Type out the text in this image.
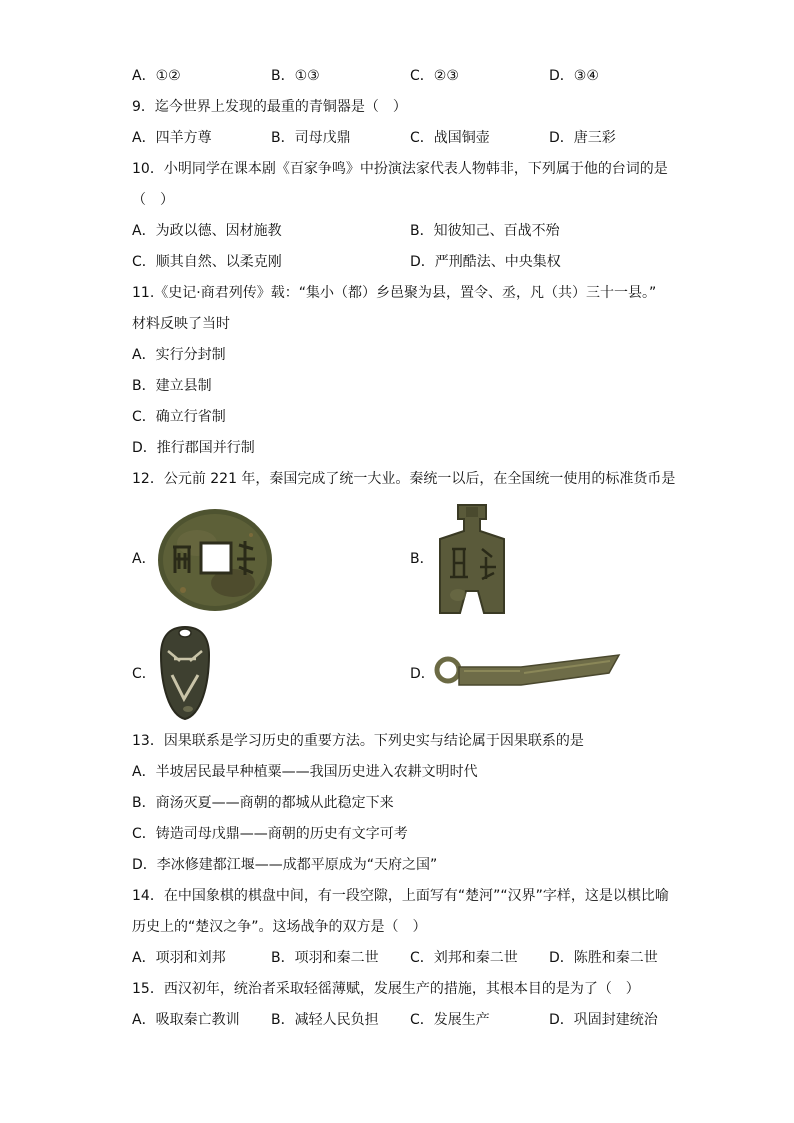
A．①②	B．①③	C．②③	D．③④
9．迄今世界上发现的最重的青铜器是（　）
A．四羊方尊	B．司母戊鼎	C．战国铜壶	D．唐三彩
10．小明同学在课本剧《百家争鸣》中扮演法家代表人物韩非，下列属于他的台词的是
（　）
A．为政以德、因材施教	B．知彼知己、百战不殆
C．顺其自然、以柔克刚	D．严刑酷法、中央集权
11.《史记·商君列传》载：“集小（都）乡邑聚为县，置令、丞，凡（共）三十一县。”
材料反映了当时
A．实行分封制
B．建立县制
C．确立行省制
D．推行郡国并行制
12．公元前 221 年，秦国完成了统一大业。秦统一以后，在全国统一使用的标准货币是
A．	B．
C．	D．
13．因果联系是学习历史的重要方法。下列史实与结论属于因果联系的是
A．半坡居民最早种植粟——我国历史进入农耕文明时代
B．商汤灭夏——商朝的都城从此稳定下来
C．铸造司母戊鼎——商朝的历史有文字可考
D．李冰修建都江堰——成都平原成为“天府之国”
14．在中国象棋的棋盘中间，有一段空隙，上面写有“楚河”“汉界”字样，这是以棋比喻
历史上的“楚汉之争”。这场战争的双方是（　）
A．项羽和刘邦	B．项羽和秦二世 C．刘邦和秦二世 D．陈胜和秦二世
15．西汉初年，统治者采取轻徭薄赋，发展生产的措施，其根本目的是为了（　）
A．吸取秦亡教训 B．减轻人民负担 C．发展生产	D．巩固封建统治
